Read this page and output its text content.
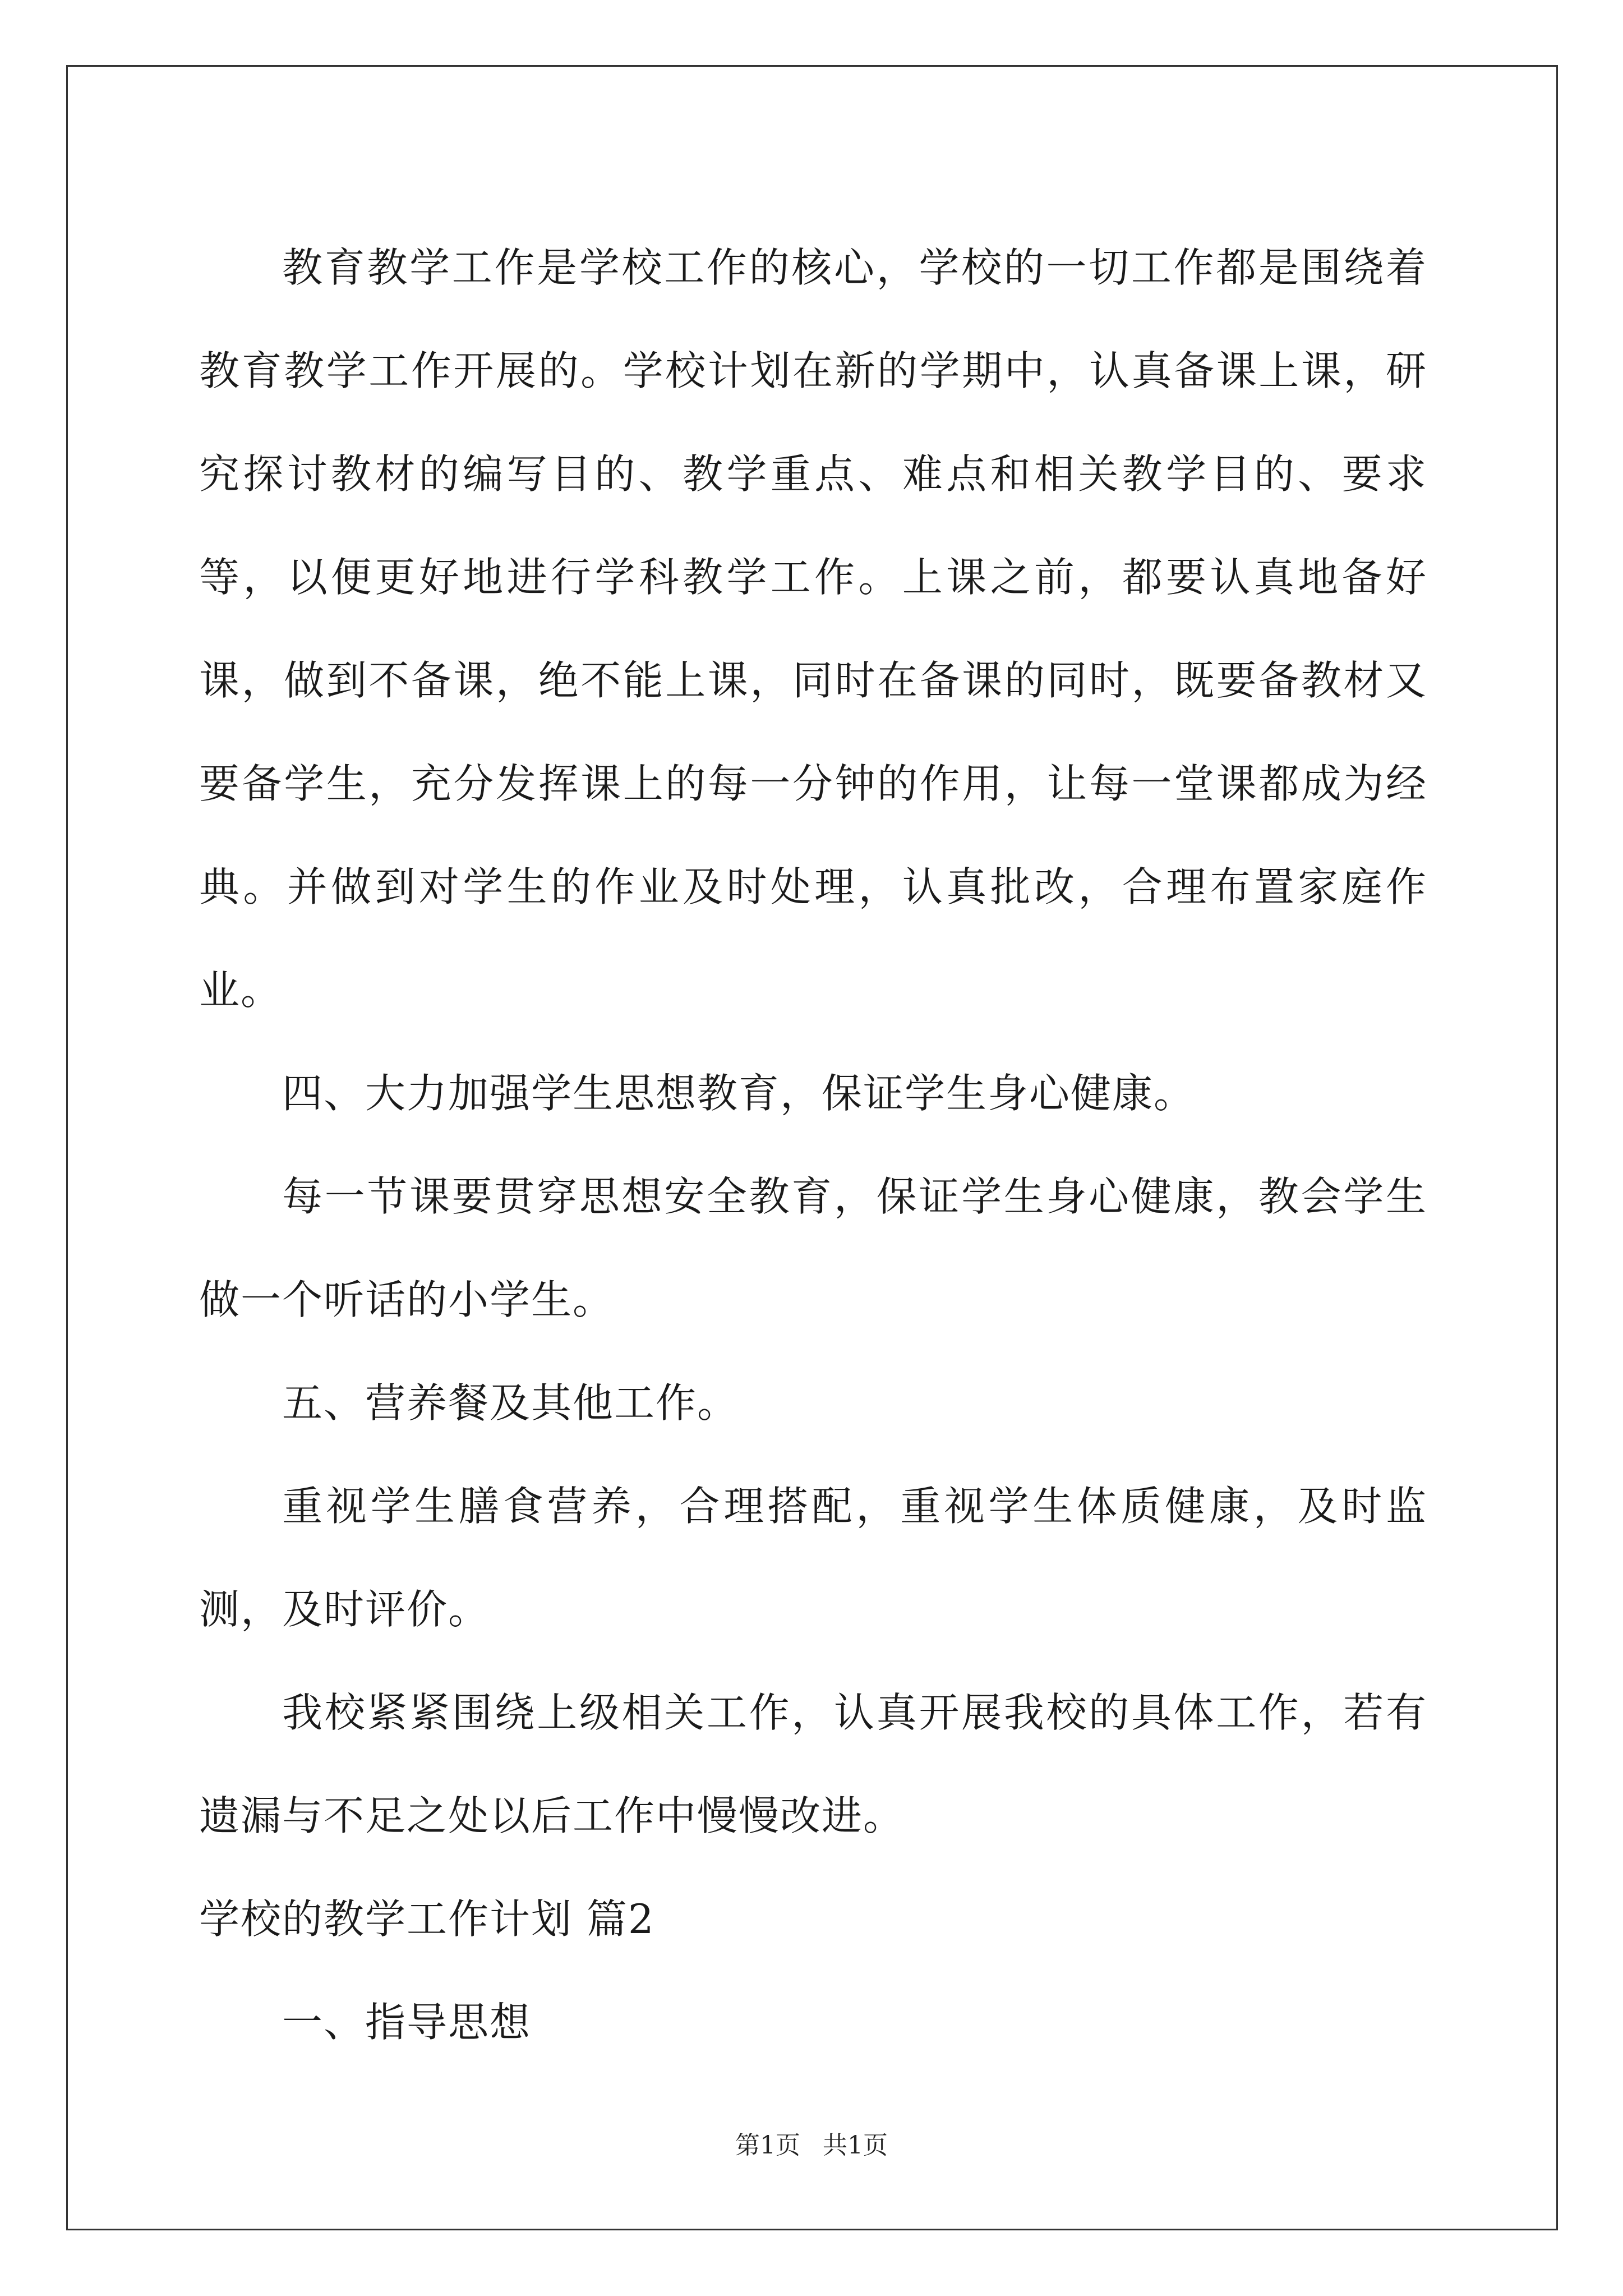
教育教学工作是学校工作的核心，学校的一切工作都是围绕着教育教学工作开展的。学校计划在新的学期中，认真备课上课，研究探讨教材的编写目的、教学重点、难点和相关教学目的、要求等，以便更好地进行学科教学工作。上课之前，都要认真地备好课，做到不备课，绝不能上课，同时在备课的同时，既要备教材又要备学生，充分发挥课上的每一分钟的作用，让每一堂课都成为经典。并做到对学生的作业及时处理，认真批改，合理布置家庭作业。

四、大力加强学生思想教育，保证学生身心健康。

每一节课要贯穿思想安全教育，保证学生身心健康，教会学生做一个听话的小学生。

五、营养餐及其他工作。

重视学生膳食营养，合理搭配，重视学生体质健康，及时监测，及时评价。

我校紧紧围绕上级相关工作，认真开展我校的具体工作，若有遗漏与不足之处以后工作中慢慢改进。

学校的教学工作计划 篇2

一、指导思想

第1页 共1页
